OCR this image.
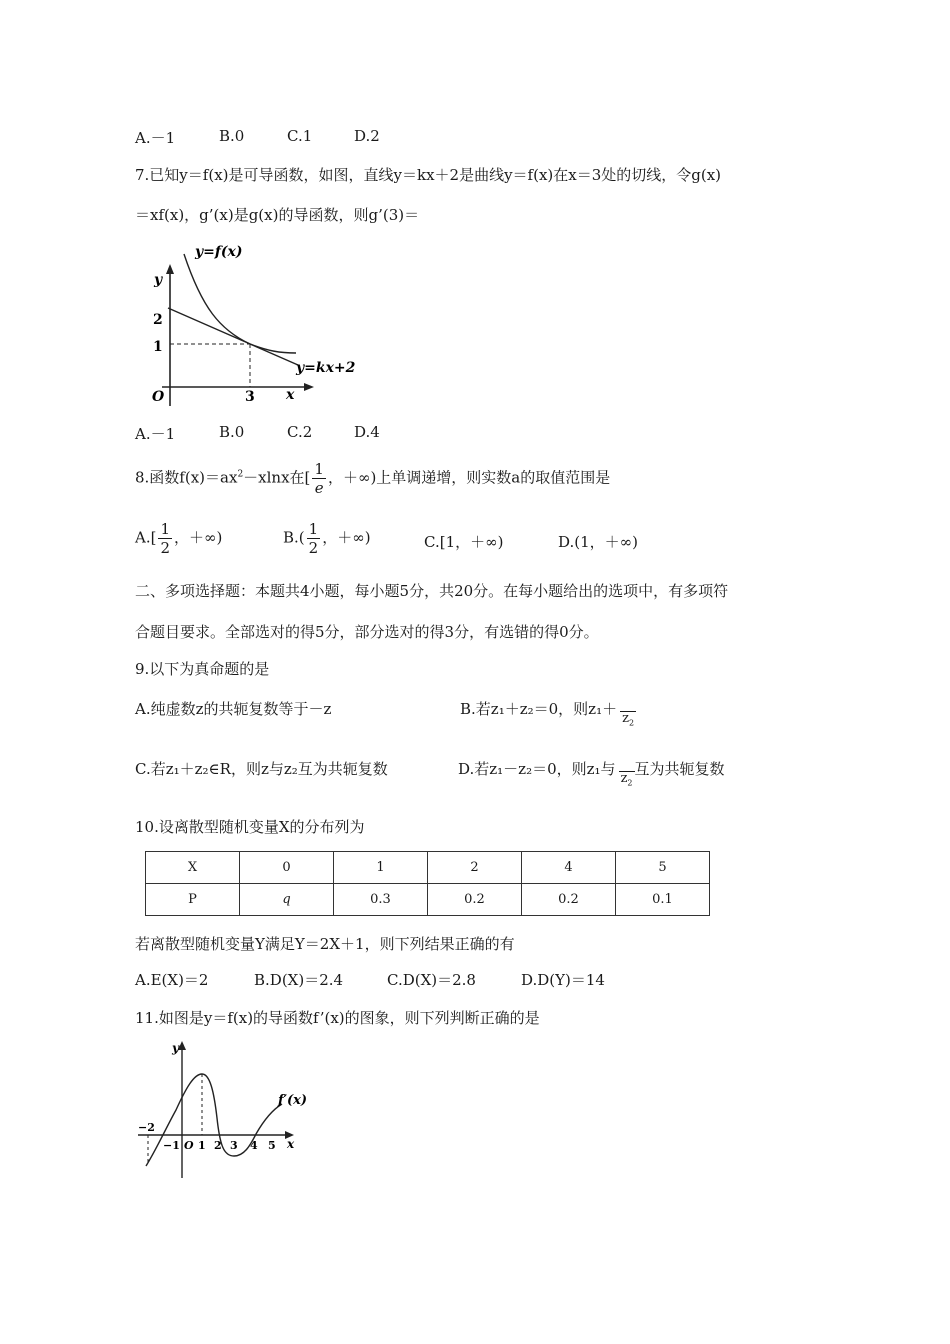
A.－1	B.0	C.1	D.2
7.已知y＝f(x)是可导函数，如图，直线y＝kx＋2是曲线y＝f(x)在x＝3处的切线，令g(x)
＝xf(x)，g’(x)是g(x)的导函数，则g’(3)＝
y=f(x)
y
2
1
O	3 x
y=kx+2
A.－1	B.0	C.2	D.4
8.函数$f(x)=ax^2-xlnx$在[ $\frac{1}{e}$ ，＋∞)上单调递增，则实数a的取值范围是
$A.[ \frac{1}{2}$ ，＋∞)	$B.( \frac{1}{2}$ ，＋∞)	C.[1，＋∞)	D.(1，＋∞)
二、多项选择题：本题共4小题，每小题5分，共20分。在每小题给出的选项中，有多项符
合题目要求。全部选对的得5分，部分选对的得3分，有选错的得0分。
9.以下为真命题的是
A.纯虚数z的共轭复数等于－z	B.若z₁＋z₂＝0，则$z_1+z_2$
C.若z₁＋z₂∈R，则z与z₂互为共轭复数	D.若z₁－z₂＝0，则z₁与$z_2$互为共轭复数
10.设离散型随机变量X的分布列为
X	0	1	2	4	5
P	q	0.3	0.2	0.2	0.1
若离散型随机变量Y满足Y＝2X＋1，则下列结果正确的有
A.E(X)＝2	B.D(X)＝2.4	C.D(X)＝2.8	D.D(Y)＝14
11.如图是y＝f(x)的导函数f’(x)的图象，则下列判断正确的是
y
x
f′(x)
−2
−1 O 1 2 3 4 5
